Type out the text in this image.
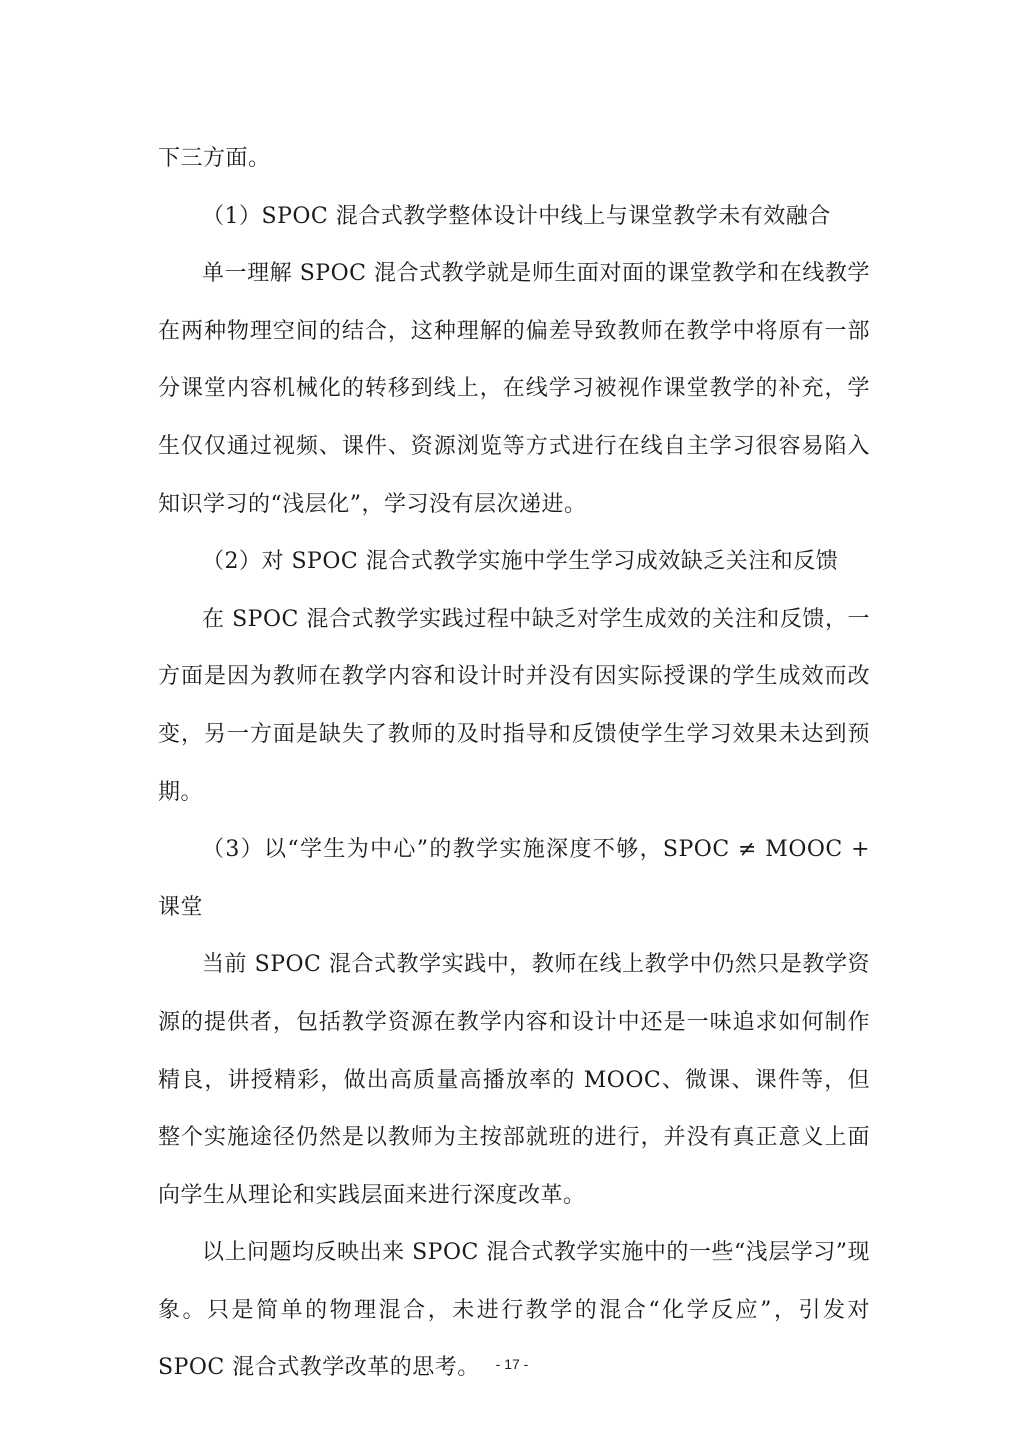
下三方面。

（1）SPOC 混合式教学整体设计中线上与课堂教学未有效融合

单一理解 SPOC 混合式教学就是师生面对面的课堂教学和在线教学在两种物理空间的结合，这种理解的偏差导致教师在教学中将原有一部分课堂内容机械化的转移到线上，在线学习被视作课堂教学的补充，学生仅仅通过视频、课件、资源浏览等方式进行在线自主学习很容易陷入知识学习的“浅层化”，学习没有层次递进。

（2）对 SPOC 混合式教学实施中学生学习成效缺乏关注和反馈

在 SPOC 混合式教学实践过程中缺乏对学生成效的关注和反馈，一方面是因为教师在教学内容和设计时并没有因实际授课的学生成效而改变，另一方面是缺失了教师的及时指导和反馈使学生学习效果未达到预期。

（3）以“学生为中心”的教学实施深度不够，SPOC ≠ MOOC + 课堂

当前 SPOC 混合式教学实践中，教师在线上教学中仍然只是教学资源的提供者，包括教学资源在教学内容和设计中还是一味追求如何制作精良，讲授精彩，做出高质量高播放率的 MOOC、微课、课件等，但整个实施途径仍然是以教师为主按部就班的进行，并没有真正意义上面向学生从理论和实践层面来进行深度改革。

以上问题均反映出来 SPOC 混合式教学实施中的一些“浅层学习”现象。只是简单的物理混合，未进行教学的混合“化学反应”，引发对 SPOC 混合式教学改革的思考。	- 17 -
